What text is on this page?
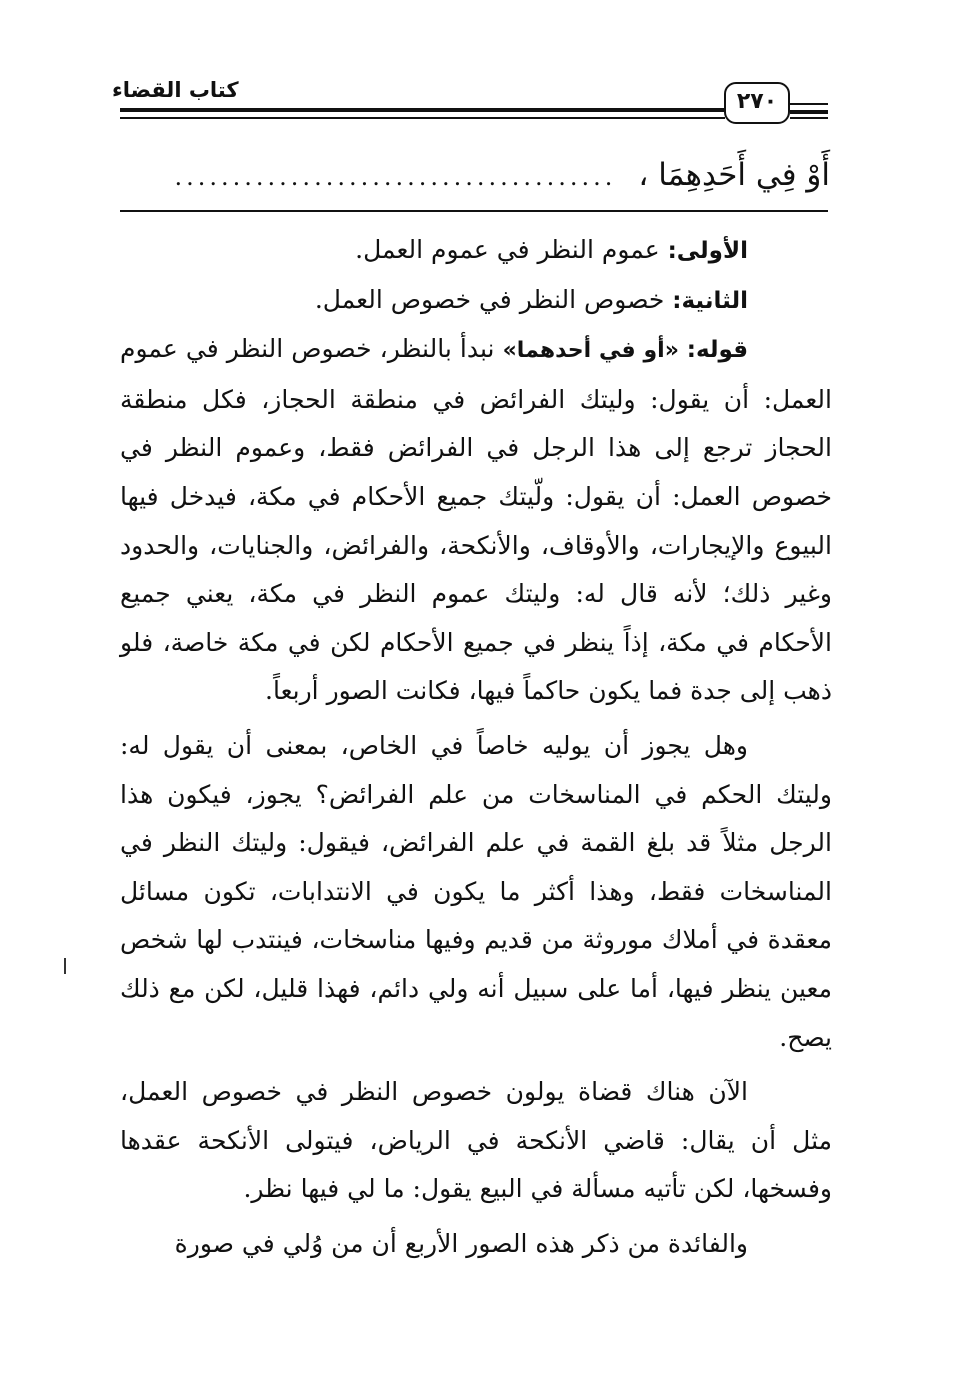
كتاب القضاء	٢٧٠
أَوْ فِي أَحَدِهِمَا ،......................................

الأولى: عموم النظر في عموم العمل.

الثانية: خصوص النظر في خصوص العمل.

قوله: «أو في أحدهما» نبدأ بالنظر، خصوص النظر في عموم العمل: أن يقول: وليتك الفرائض في منطقة الحجاز، فكل منطقة الحجاز ترجع إلى هذا الرجل في الفرائض فقط، وعموم النظر في خصوص العمل: أن يقول: ولّيتك جميع الأحكام في مكة، فيدخل فيها البيوع والإيجارات، والأوقاف، والأنكحة، والفرائض، والجنايات، والحدود وغير ذلك؛ لأنه قال له: وليتك عموم النظر في مكة، يعني جميع الأحكام في مكة، إذاً ينظر في جميع الأحكام لكن في مكة خاصة، فلو ذهب إلى جدة فما يكون حاكماً فيها، فكانت الصور أربعاً.

وهل يجوز أن يوليه خاصاً في الخاص، بمعنى أن يقول له: وليتك الحكم في المناسخات من علم الفرائض؟ يجوز، فيكون هذا الرجل مثلاً قد بلغ القمة في علم الفرائض، فيقول: وليتك النظر في المناسخات فقط، وهذا أكثر ما يكون في الانتدابات، تكون مسائل معقدة في أملاك موروثة من قديم وفيها مناسخات، فينتدب لها شخص معين ينظر فيها، أما على سبيل أنه ولي دائم، فهذا قليل، لكن مع ذلك يصح.

الآن هناك قضاة يولون خصوص النظر في خصوص العمل، مثل أن يقال: قاضي الأنكحة في الرياض، فيتولى الأنكحة عقدها وفسخها، لكن تأتيه مسألة في البيع يقول: ما لي فيها نظر.

والفائدة من ذكر هذه الصور الأربع أن من وُلي في صورة
